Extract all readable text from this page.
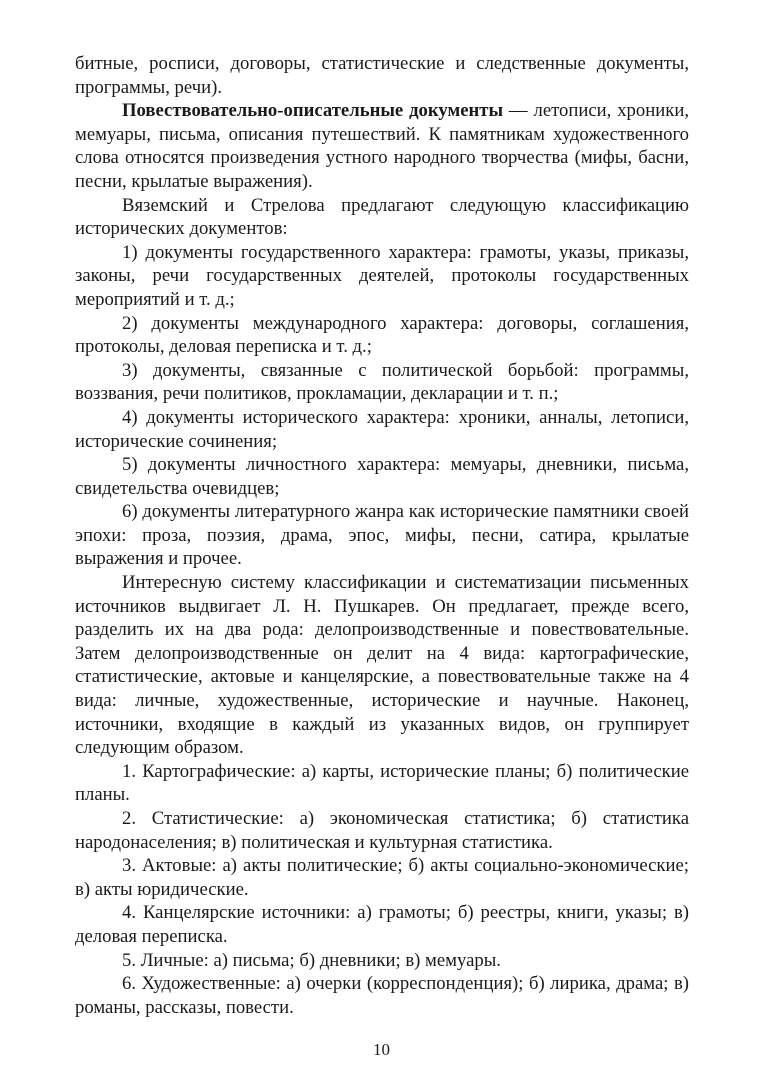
битные, росписи, договоры, статистические и следственные документы, программы, речи).

Повествовательно-описательные документы — летописи, хроники, мемуары, письма, описания путешествий. К памятникам художественного слова относятся произведения устного народного творчества (мифы, басни, песни, крылатые выражения).

Вяземский и Стрелова предлагают следующую классификацию исторических документов:

1) документы государственного характера: грамоты, указы, приказы, законы, речи государственных деятелей, протоколы государственных мероприятий и т. д.;

2) документы международного характера: договоры, соглашения, протоколы, деловая переписка и т. д.;

3) документы, связанные с политической борьбой: программы, воззвания, речи политиков, прокламации, декларации и т. п.;

4) документы исторического характера: хроники, анналы, летописи, исторические сочинения;

5) документы личностного характера: мемуары, дневники, письма, свидетельства очевидцев;

6) документы литературного жанра как исторические памятники своей эпохи: проза, поэзия, драма, эпос, мифы, песни, сатира, крылатые выражения и прочее.

Интересную систему классификации и систематизации письменных источников выдвигает Л. Н. Пушкарев. Он предлагает, прежде всего, разделить их на два рода: делопроизводственные и повествовательные. Затем делопроизводственные он делит на 4 вида: картографические, статистические, актовые и канцелярские, а повествовательные также на 4 вида: личные, художественные, исторические и научные. Наконец, источники, входящие в каждый из указанных видов, он группирует следующим образом.

1. Картографические: а) карты, исторические планы; б) политические планы.

2. Статистические: а) экономическая статистика; б) статистика народонаселения; в) политическая и культурная статистика.

3. Актовые: а) акты политические; б) акты социально-экономические; в) акты юридические.

4. Канцелярские источники: а) грамоты; б) реестры, книги, указы; в) деловая переписка.

5. Личные: а) письма; б) дневники; в) мемуары.

6. Художественные: а) очерки (корреспонденция); б) лирика, драма; в) романы, рассказы, повести.

10
